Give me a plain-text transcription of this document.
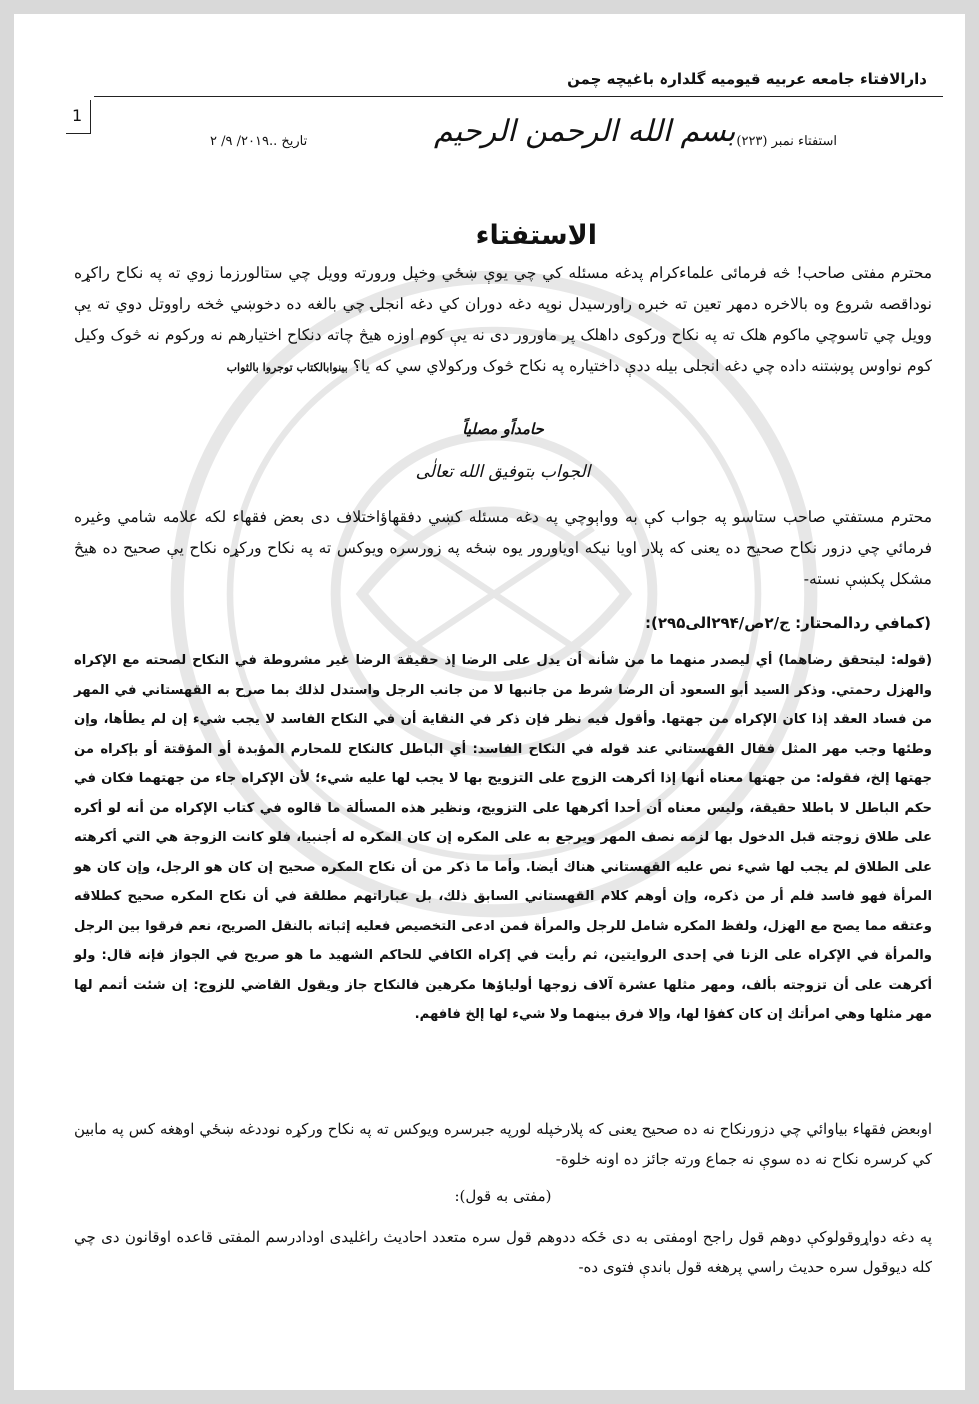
دارالافتاء جامعه عربیه قیومیه گلدارہ باغیچه چمن
1
استفتاء نمبر (۲۲۳)
بسم الله الرحمن الرحيم
تاریخ ..۲۰۱۹/ ۹/ ۲
الاستفتاء
محترم مفتی صاحب! څه فرمائی علماءکرام پدغه مسئله کي چي يوې ښځي وخپل ورورته وويل چي ستالورزما زوي ته په نکاح راکړه نوداقصه شروع وه بالاخره دمهر تعین ته خبره راورسیدل نوپه دغه دوران کي دغه انجلۍ چي بالغه ده دخوښي څخه راووتل دوي ته يې وويل چي تاسوچي ماکوم هلک ته په نکاح ورکوی داهلک پر ماورور دی نه يې کوم اوزه هیڅ چاته دنکاح اختیارهم نه ورکوم نه څوک وکیل کوم نواوس پوښتنه داده چي دغه انجلی بیله ددې داختیاره په نکاح څوک ورکولاي سي که یا؟ بینوابالکتاب توجروا بالثواب
حامداًو مصلیاً
الجواب بتوفیق الله تعالٰی
محترم مستفتي صاحب ستاسو په جواب کې به وواېوچي په دغه مسئله کښي دفقهاؤاختلاف دی بعض فقهاء لکه علامه شامي وغیره فرمائي چي دزور نکاح صحیح ده يعنی که پلار اويا نیکه اوياورور يوه ښځه په زورسره ويوکس ته په نکاح ورکړه نکاح يې صحیح ده هیڅ مشکل پکښې نسته-
(کمافي ردالمحتار: ج/۲ص/۲۹۴الی۲۹۵):
(قوله: ليتحقق رضاهما) أي ليصدر منهما ما من شأنه أن يدل على الرضا إذ حقيقة الرضا غير مشروطة في النكاح لصحته مع الإكراه والهزل رحمتي. وذكر السيد أبو السعود أن الرضا شرط من جانبها لا من جانب الرجل واستدل لذلك بما صرح به القهستاني في المهر من فساد العقد إذا كان الإكراه من جهتها. وأقول فيه نظر فإن ذكر في النقاية أن في النكاح الفاسد لا يجب شيء إن لم يطأها، وإن وطئها وجب مهر المثل فقال القهستاني عند قوله في النكاح الفاسد: أي الباطل كالنكاح للمحارم المؤبدة أو المؤقتة أو بإكراه من جهتها إلخ، فقوله: من جهتها معناه أنها إذا أكرهت الزوج على التزويج بها لا يجب لها عليه شيء؛ لأن الإكراه جاء من جهتهما فكان في حكم الباطل لا باطلا حقيقة، وليس معناه أن أحدا أكرهها على التزويج، ونظير هذه المسألة ما قالوه في كتاب الإكراه من أنه لو أكره على طلاق زوجته قبل الدخول بها لزمه نصف المهر ويرجع به على المكره إن كان المكره له أجنبيا، فلو كانت الزوجة هي التي أكرهته على الطلاق لم يجب لها شيء نص عليه القهستاني هناك أيضا. وأما ما ذكر من أن نكاح المكره صحيح إن كان هو الرجل، وإن كان هو المرأة فهو فاسد فلم أر من ذكره، وإن أوهم كلام القهستاني السابق ذلك، بل عباراتهم مطلقة في أن نكاح المكره صحيح كطلاقه وعتقه مما يصح مع الهزل، ولفظ المكره شامل للرجل والمرأة فمن ادعى التخصيص فعليه إثباته بالنقل الصريح، نعم فرقوا بين الرجل والمرأة في الإكراه على الزنا في إحدى الروايتين، ثم رأيت في إكراه الكافي للحاكم الشهيد ما هو صريح في الجواز فإنه قال: ولو أكرهت على أن تزوجته بألف، ومهر مثلها عشرة آلاف زوجها أولياؤها مكرهين فالنكاح جاز ويقول القاضي للزوج: إن شئت أتمم لها مهر مثلها وهي امرأتك إن كان كفؤا لها، وإلا فرق بينهما ولا شيء لها إلخ فافهم.
اوبعض فقهاء بياوائي چي دزورنکاح نه ده صحيح يعنی که پلارخپله لورپه جبرسره ويوکس ته په نکاح ورکړه نوددغه ښځي اوهغه کس په مابين کي کرسره نکاح نه ده سوې نه جماع ورته جائز ده اونه خلوة-
(مفتی به قول):
په دغه دواړوقولوکې دوهم قول راجح اومفتی به دی ځکه ددوهم قول سره متعدد احاديث راغليدی اودادرسم المفتی قاعده اوقانون دی چي کله ديوقول سره حديث راسي پرهغه قول باندې فتوی ده-
